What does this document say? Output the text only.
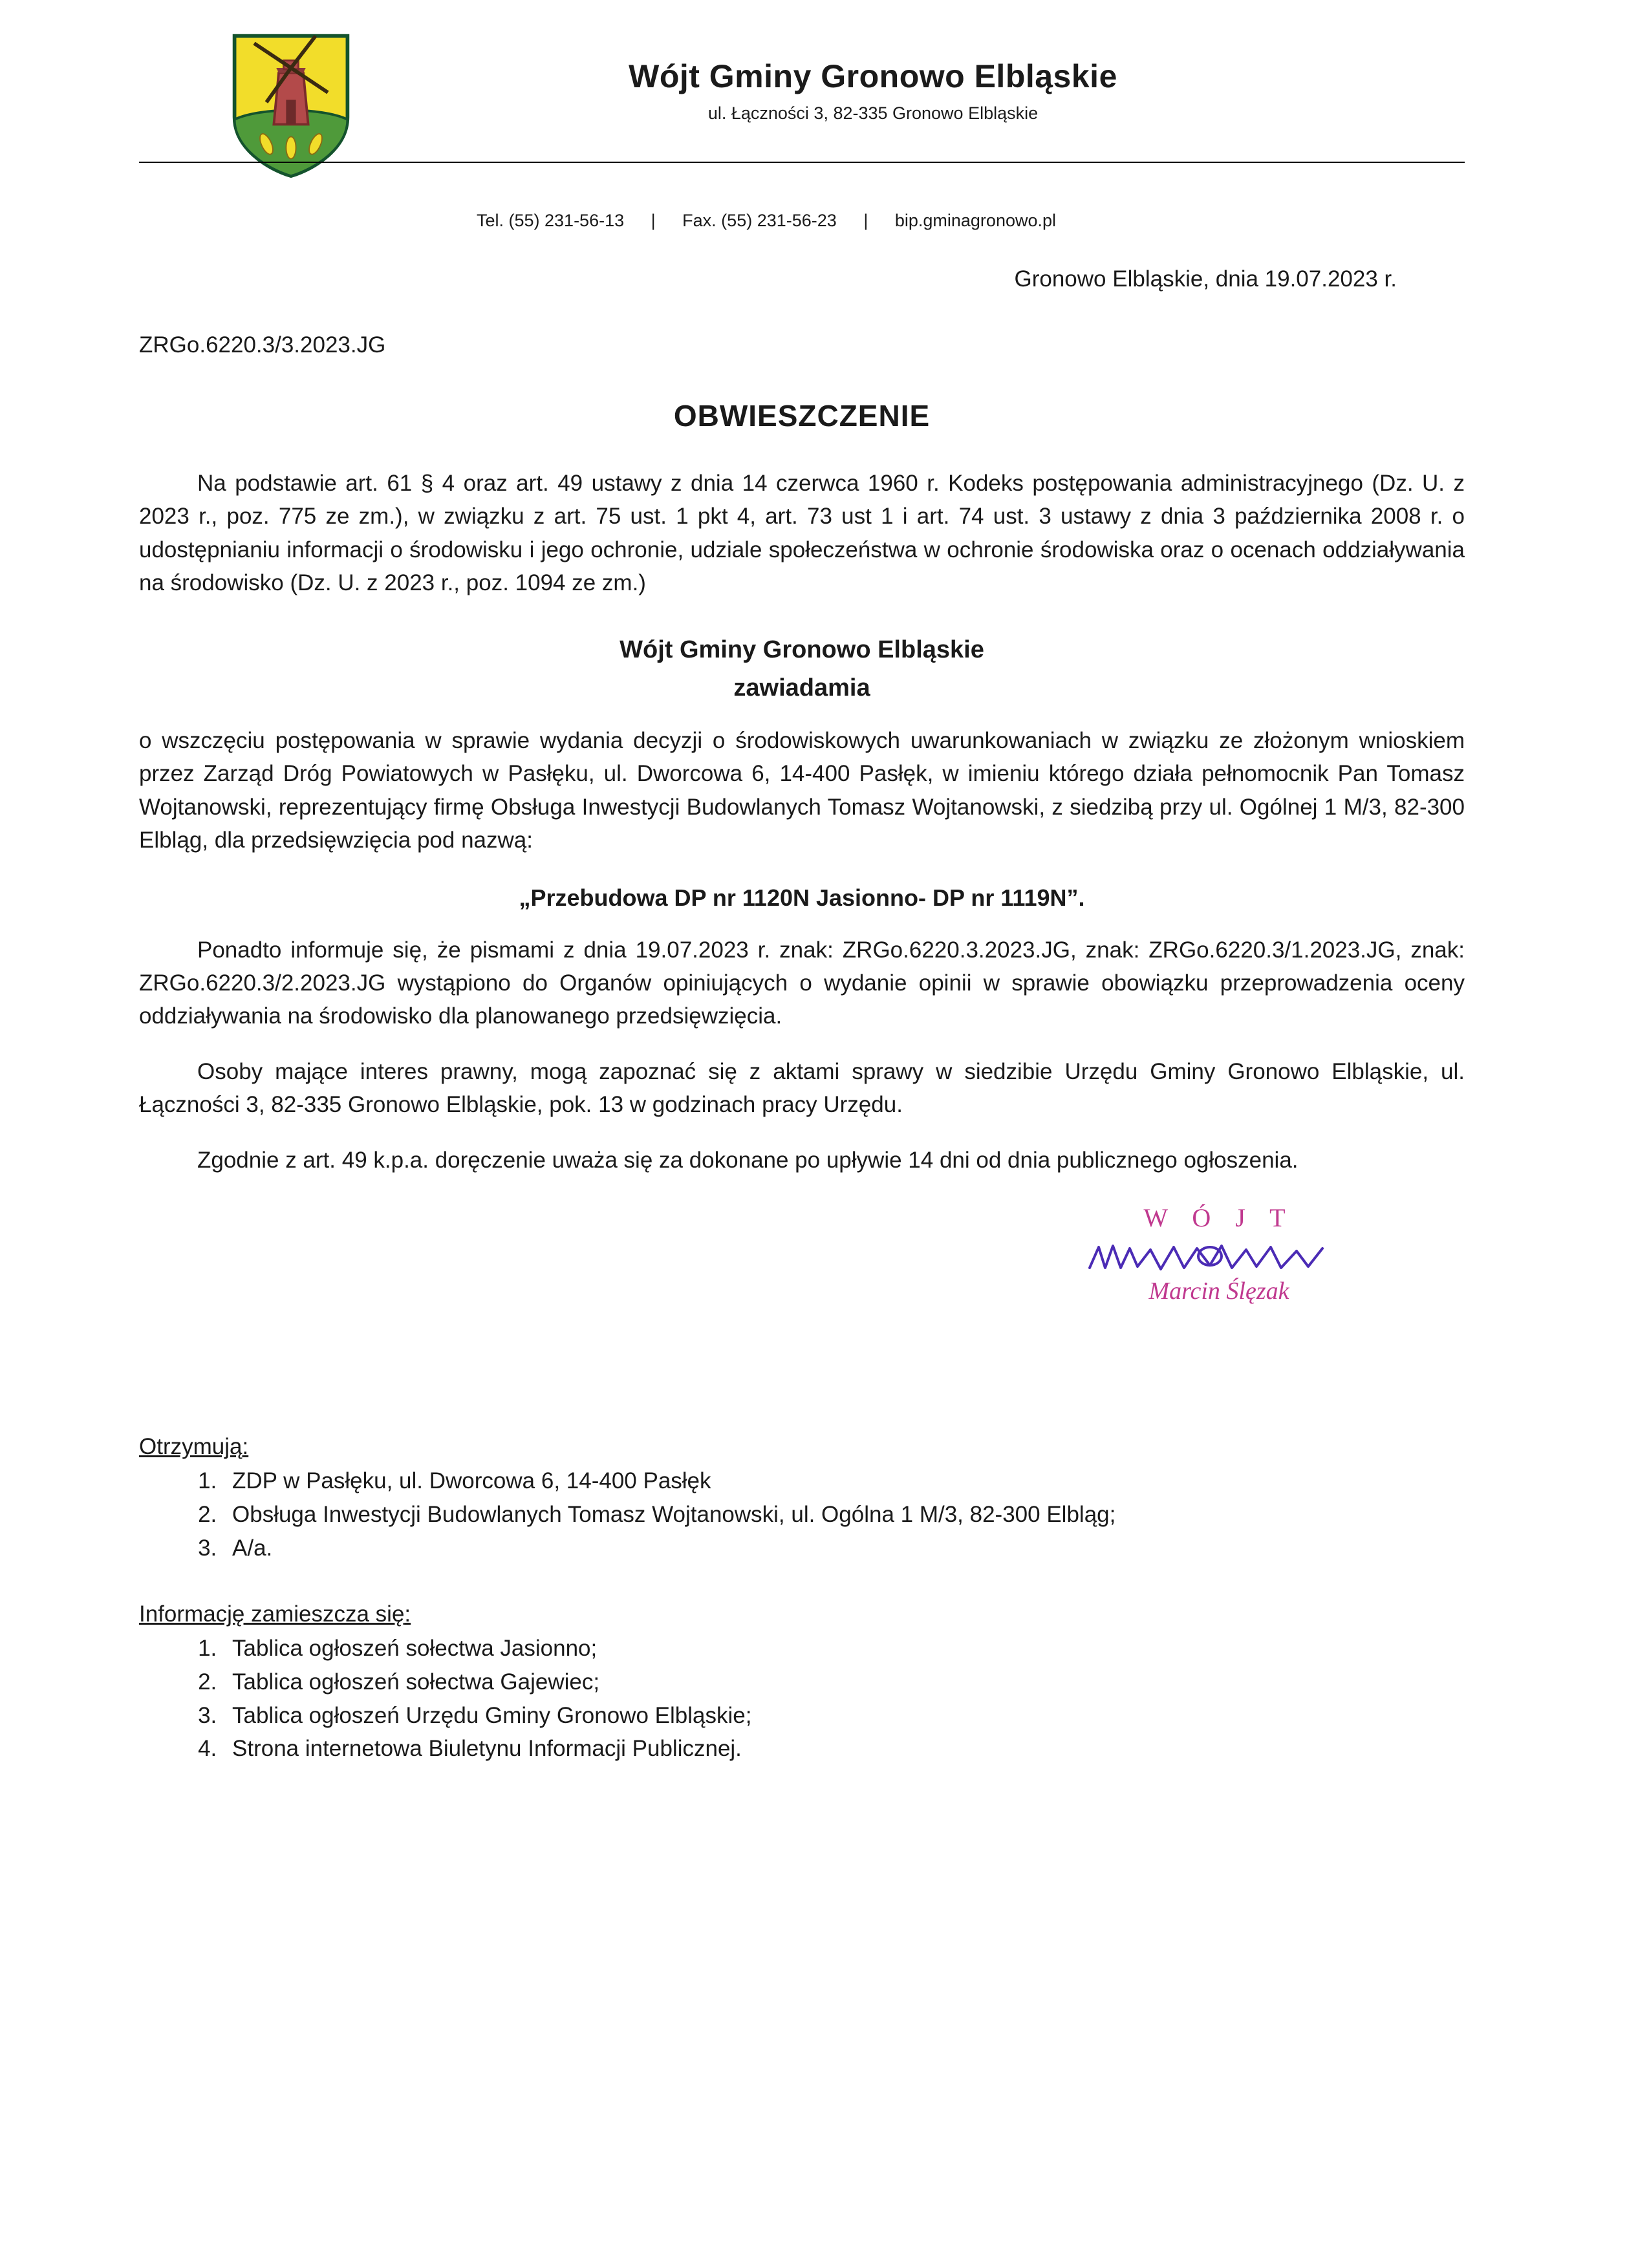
Wójt Gminy Gronowo Elbląskie
ul. Łączności 3, 82-335 Gronowo Elbląskie
Tel. (55) 231-56-13 | Fax. (55) 231-56-23 | bip.gminagronowo.pl
Gronowo Elbląskie, dnia 19.07.2023 r.
ZRGo.6220.3/3.2023.JG
OBWIESZCZENIE

Na podstawie art. 61 § 4 oraz art. 49 ustawy z dnia 14 czerwca 1960 r. Kodeks postępowania administracyjnego (Dz. U. z 2023 r., poz. 775 ze zm.), w związku z art. 75 ust. 1 pkt 4, art. 73 ust 1 i art. 74 ust. 3 ustawy z dnia 3 października 2008 r. o udostępnianiu informacji o środowisku i jego ochronie, udziale społeczeństwa w ochronie środowiska oraz o ocenach oddziaływania na środowisko (Dz. U. z 2023 r., poz. 1094 ze zm.)

Wójt Gminy Gronowo Elbląskie
zawiadamia

o wszczęciu postępowania w sprawie wydania decyzji o środowiskowych uwarunkowaniach w związku ze złożonym wnioskiem przez Zarząd Dróg Powiatowych w Pasłęku, ul. Dworcowa 6, 14-400 Pasłęk, w imieniu którego działa pełnomocnik Pan Tomasz Wojtanowski, reprezentujący firmę Obsługa Inwestycji Budowlanych Tomasz Wojtanowski, z siedzibą przy ul. Ogólnej 1 M/3, 82-300 Elbląg, dla przedsięwzięcia pod nazwą:

„Przebudowa DP nr 1120N Jasionno- DP nr 1119N”.

Ponadto informuje się, że pismami z dnia 19.07.2023 r. znak: ZRGo.6220.3.2023.JG, znak: ZRGo.6220.3/1.2023.JG, znak: ZRGo.6220.3/2.2023.JG wystąpiono do Organów opiniujących o wydanie opinii w sprawie obowiązku przeprowadzenia oceny oddziaływania na środowisko dla planowanego przedsięwzięcia.

Osoby mające interes prawny, mogą zapoznać się z aktami sprawy w siedzibie Urzędu Gminy Gronowo Elbląskie, ul. Łączności 3, 82-335 Gronowo Elbląskie, pok. 13 w godzinach pracy Urzędu.

Zgodnie z art. 49 k.p.a. doręczenie uważa się za dokonane po upływie 14 dni od dnia publicznego ogłoszenia.

W Ó J T
Marcin Ślęzak
Otrzymują:
1. ZDP w Pasłęku, ul. Dworcowa 6, 14-400 Pasłęk
2. Obsługa Inwestycji Budowlanych Tomasz Wojtanowski, ul. Ogólna 1 M/3, 82-300 Elbląg;
3. A/a.
Informację zamieszcza się:
1. Tablica ogłoszeń sołectwa Jasionno;
2. Tablica ogłoszeń sołectwa Gajewiec;
3. Tablica ogłoszeń Urzędu Gminy Gronowo Elbląskie;
4. Strona internetowa Biuletynu Informacji Publicznej.
